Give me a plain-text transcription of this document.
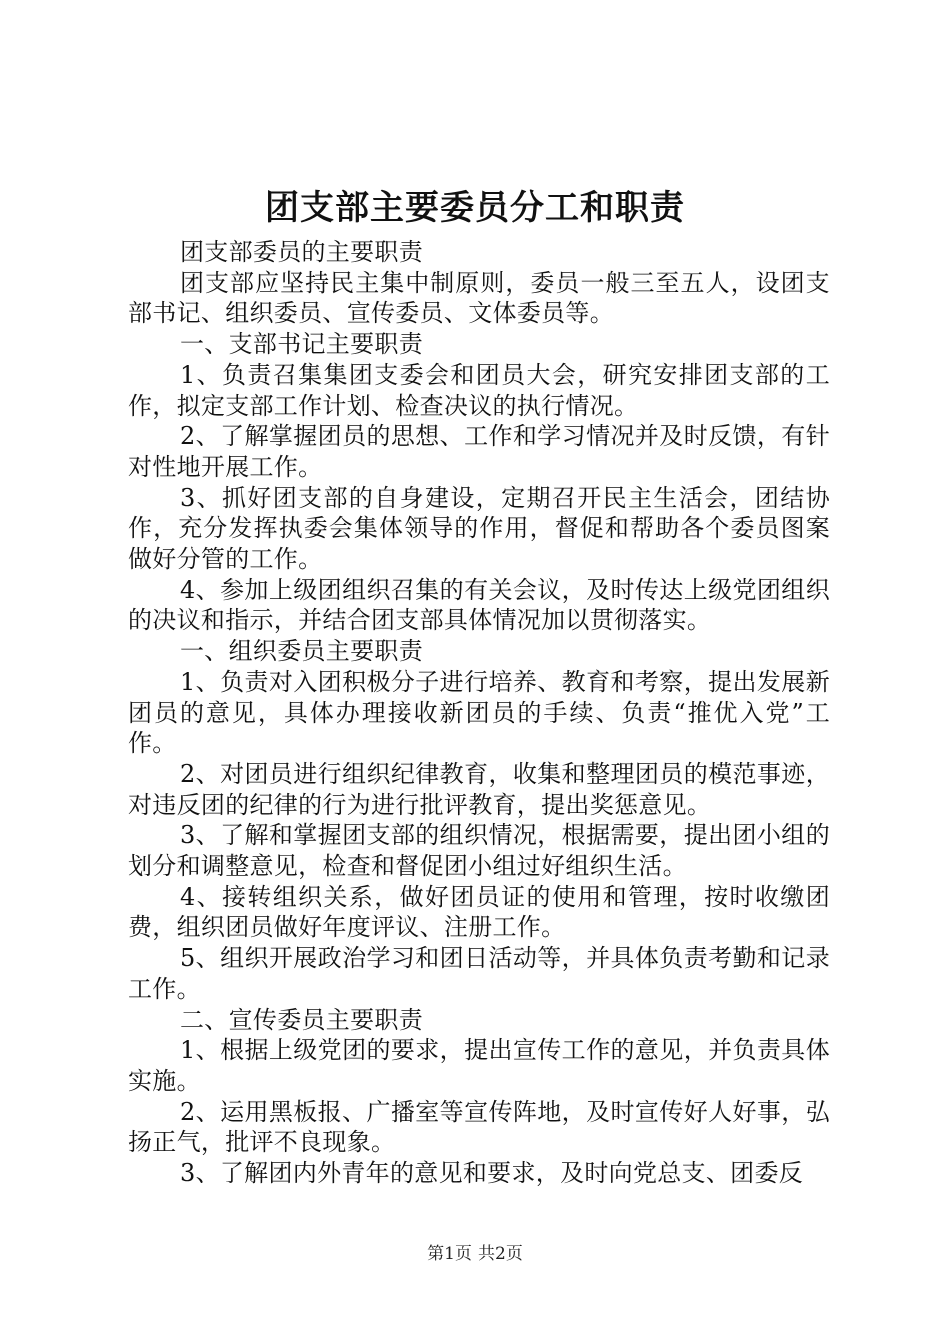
团支部主要委员分工和职责

团支部委员的主要职责

团支部应坚持民主集中制原则，委员一般三至五人，设团支部书记、组织委员、宣传委员、文体委员等。

一、支部书记主要职责

1、负责召集集团支委会和团员大会，研究安排团支部的工作，拟定支部工作计划、检查决议的执行情况。

2、了解掌握团员的思想、工作和学习情况并及时反馈，有针对性地开展工作。

3、抓好团支部的自身建设，定期召开民主生活会，团结协作，充分发挥执委会集体领导的作用，督促和帮助各个委员图案做好分管的工作。

4、参加上级团组织召集的有关会议，及时传达上级党团组织的决议和指示，并结合团支部具体情况加以贯彻落实。

一、组织委员主要职责

1、负责对入团积极分子进行培养、教育和考察，提出发展新团员的意见，具体办理接收新团员的手续、负责“推优入党”工作。

2、对团员进行组织纪律教育，收集和整理团员的模范事迹，对违反团的纪律的行为进行批评教育，提出奖惩意见。

3、了解和掌握团支部的组织情况，根据需要，提出团小组的划分和调整意见，检查和督促团小组过好组织生活。

4、接转组织关系，做好团员证的使用和管理，按时收缴团费，组织团员做好年度评议、注册工作。

5、组织开展政治学习和团日活动等，并具体负责考勤和记录工作。

二、宣传委员主要职责

1、根据上级党团的要求，提出宣传工作的意见，并负责具体实施。

2、运用黑板报、广播室等宣传阵地，及时宣传好人好事，弘扬正气，批评不良现象。

3、了解团内外青年的意见和要求，及时向党总支、团委反

第1页 共2页
